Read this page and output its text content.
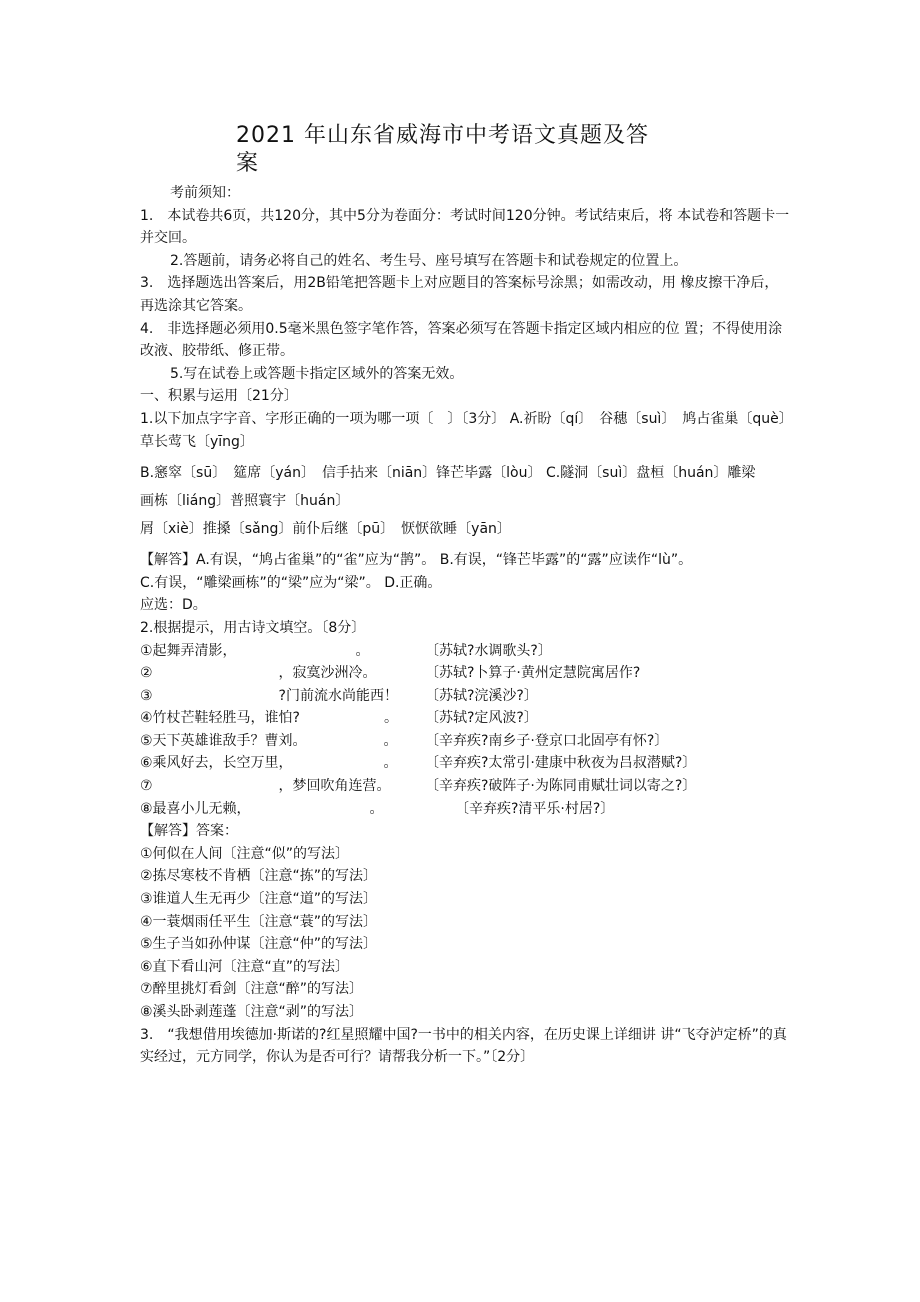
2021 年山东省威海市中考语文真题及答
案

考前须知：

1.　本试卷共6页，共120分，其中5分为卷面分：考试时间120分钟。考试结束后，将 本试卷和答题卡一并交回。

2.答题前，请务必将自己的姓名、考生号、座号填写在答题卡和试卷规定的位置上。

3.　选择题选出答案后，用2B铅笔把答题卡上对应题目的答案标号涂黑；如需改动，用 橡皮擦干净后，再选涂其它答案。

4.　非选择题必须用0.5毫米黑色签字笔作答，答案必须写在答题卡指定区域内相应的位 置；不得使用涂改液、胶带纸、修正带。

5.写在试卷上或答题卡指定区域外的答案无效。

一、积累与运用〔21分〕

1.以下加点字字音、字形正确的一项为哪一项〔　〕〔3分〕 A.祈盼〔qí〕　谷穗〔suì〕　鸠占雀巢〔què〕　草长莺飞〔yīng〕

B.窸窣〔sū〕　筵席〔yán〕　信手拈来〔niān〕锋芒毕露〔lòu〕 C.隧洞〔suì〕盘桓〔huán〕雕梁

画栋〔liáng〕普照寰宇〔huán〕

屑〔xiè〕推搡〔sǎng〕前仆后继〔pū〕　恹恹欲睡〔yān〕

【解答】A.有误，“鸠占雀巢”的“雀”应为“鹊”。 B.有误，“锋芒毕露”的“露”应读作“lù”。

C.有误，“雕梁画栋”的“梁”应为“梁”。 D.正确。

应选：D。

2.根据提示，用古诗文填空。〔8分〕

①起舞弄清影，　　　　　　　　　。	〔苏轼?水调歌头?〕

②　　　　　　　　　，寂寞沙洲冷。	〔苏轼?卜算子·黄州定慧院寓居作?

③　　　　　　　　　?门前流水尚能西！ 〔苏轼?浣溪沙?〕

④竹杖芒鞋轻胜马，谁怕?　　　　　　。 〔苏轼?定风波?〕

⑤天下英雄谁敌手？曹刘。　　　　　　。 〔辛弃疾?南乡子·登京口北固亭有怀?〕

⑥乘风好去，长空万里，　　　　　　　。 〔辛弃疾?太常引·建康中秋夜为吕叔潜赋?〕

⑦　　　　　　　　　，梦回吹角连营。 〔辛弃疾?破阵子·为陈同甫赋壮词以寄之?〕

⑧最喜小儿无赖，　　　　　　　　　。	〔辛弃疾?清平乐·村居?〕

【解答】答案：

①何似在人间〔注意“似”的写法〕

②拣尽寒枝不肯栖〔注意“拣”的写法〕

③谁道人生无再少〔注意“道”的写法〕

④一蓑烟雨任平生〔注意“蓑”的写法〕

⑤生子当如孙仲谋〔注意“仲”的写法〕

⑥直下看山河〔注意“直”的写法〕

⑦醉里挑灯看剑〔注意“醉”的写法〕

⑧溪头卧剥莲蓬〔注意“剥”的写法〕

3.　“我想借用埃德加·斯诺的?红星照耀中国?一书中的相关内容，在历史课上详细讲 讲“飞夺泸定桥”的真实经过，元方同学，你认为是否可行？请帮我分析一下。”〔2分〕
